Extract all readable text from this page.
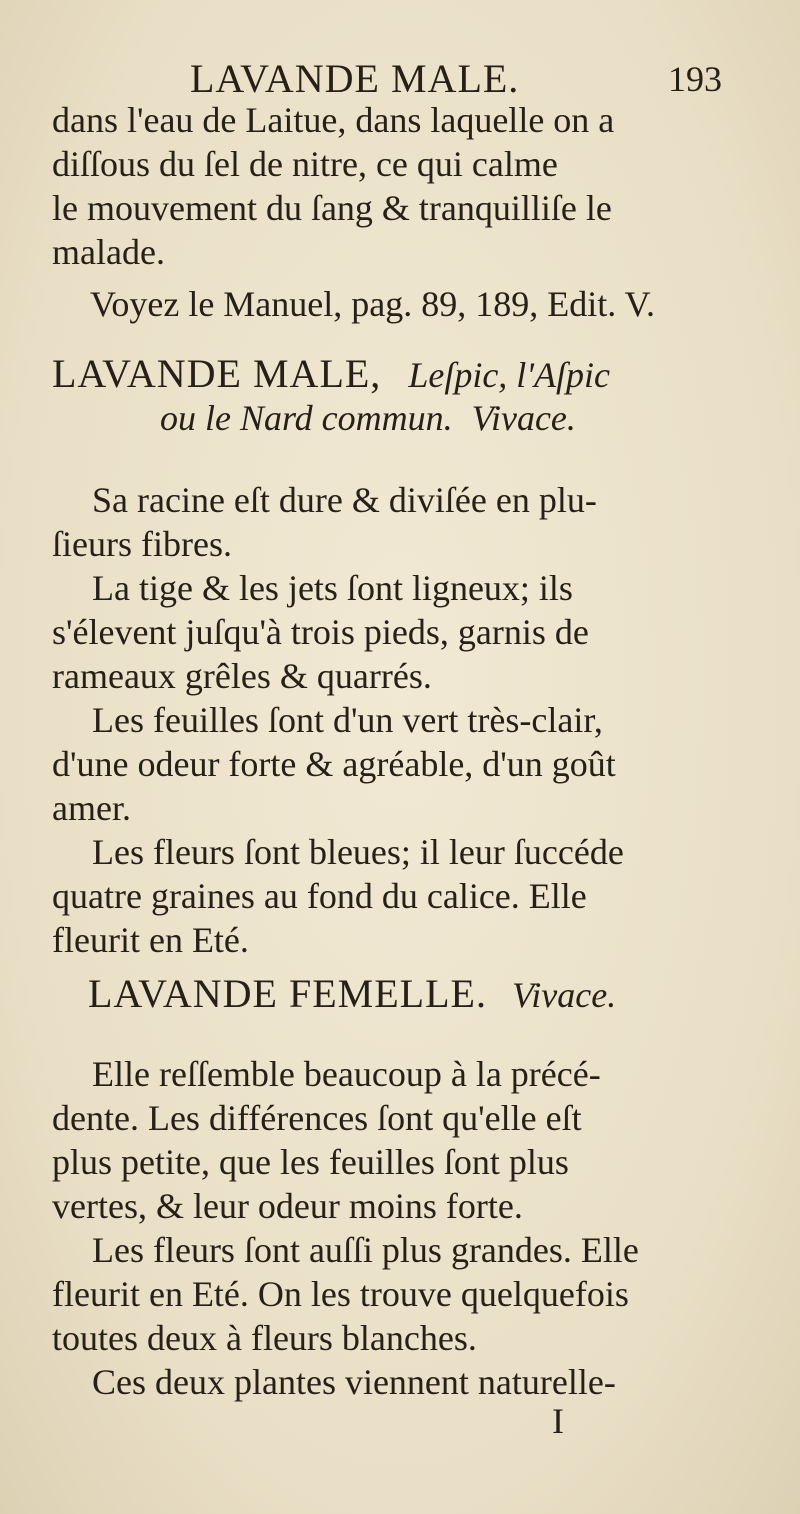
LAVANDE MALE.	193
dans l'eau de Laitue, dans laquelle on a
diſſous du ſel de nitre, ce qui calme
le mouvement du ſang & tranquilliſe le
malade.
Voyez le Manuel, pag. 89, 189, Edit. V.
LAVANDE MALE, Leſpic, l'Aſpic
ou le Nard commun. Vivace.
Sa racine eſt dure & diviſée en plu-
ſieurs fibres.
La tige & les jets ſont ligneux; ils
s'élevent juſqu'à trois pieds, garnis de
rameaux grêles & quarrés.
Les feuilles ſont d'un vert très-clair,
d'une odeur forte & agréable, d'un goût
amer.
Les fleurs ſont bleues; il leur ſuccéde
quatre graines au fond du calice. Elle
fleurit en Eté.
LAVANDE FEMELLE. Vivace.
Elle reſſemble beaucoup à la précé-
dente. Les différences ſont qu'elle eſt
plus petite, que les feuilles ſont plus
vertes, & leur odeur moins forte.
Les fleurs ſont auſſi plus grandes. Elle
fleurit en Eté. On les trouve quelquefois
toutes deux à fleurs blanches.
Ces deux plantes viennent naturelle-
I
